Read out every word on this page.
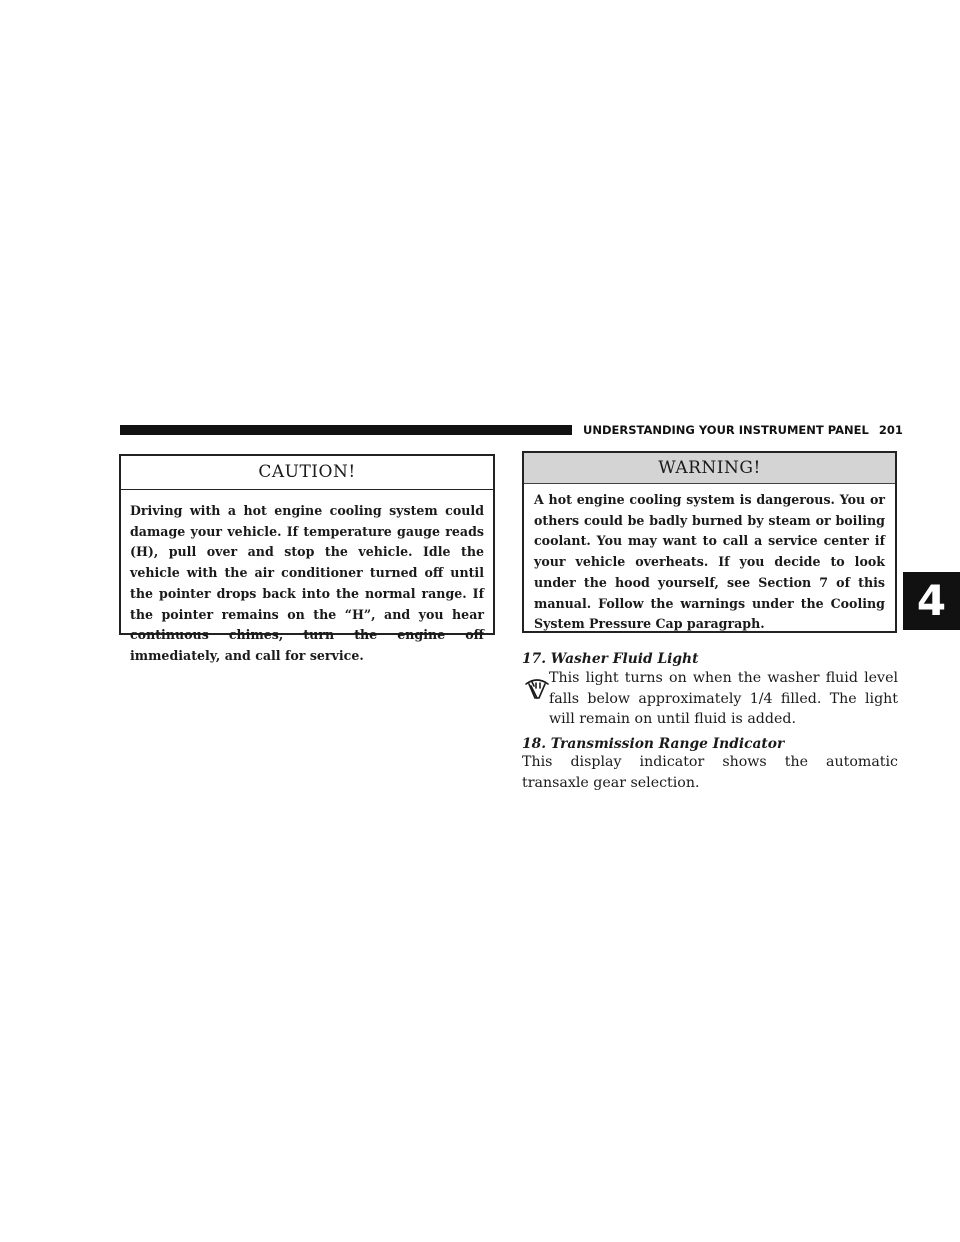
UNDERSTANDING YOUR INSTRUMENT PANEL 201
4
CAUTION!
Driving with a hot engine cooling system could damage your vehicle. If temperature gauge reads (H), pull over and stop the vehicle. Idle the vehicle with the air conditioner turned off until the pointer drops back into the normal range. If the pointer remains on the “H”, and you hear continuous chimes, turn the engine off immediately, and call for service.
WARNING!
A hot engine cooling system is dangerous. You or others could be badly burned by steam or boiling coolant. You may want to call a service center if your vehicle overheats. If you decide to look under the hood yourself, see Section 7 of this manual. Follow the warnings under the Cooling System Pressure Cap paragraph.
17. Washer Fluid Light
This light turns on when the washer fluid level falls below approximately 1/4 filled. The light will remain on until fluid is added.
18. Transmission Range Indicator
This display indicator shows the automatic transaxle gear selection.
